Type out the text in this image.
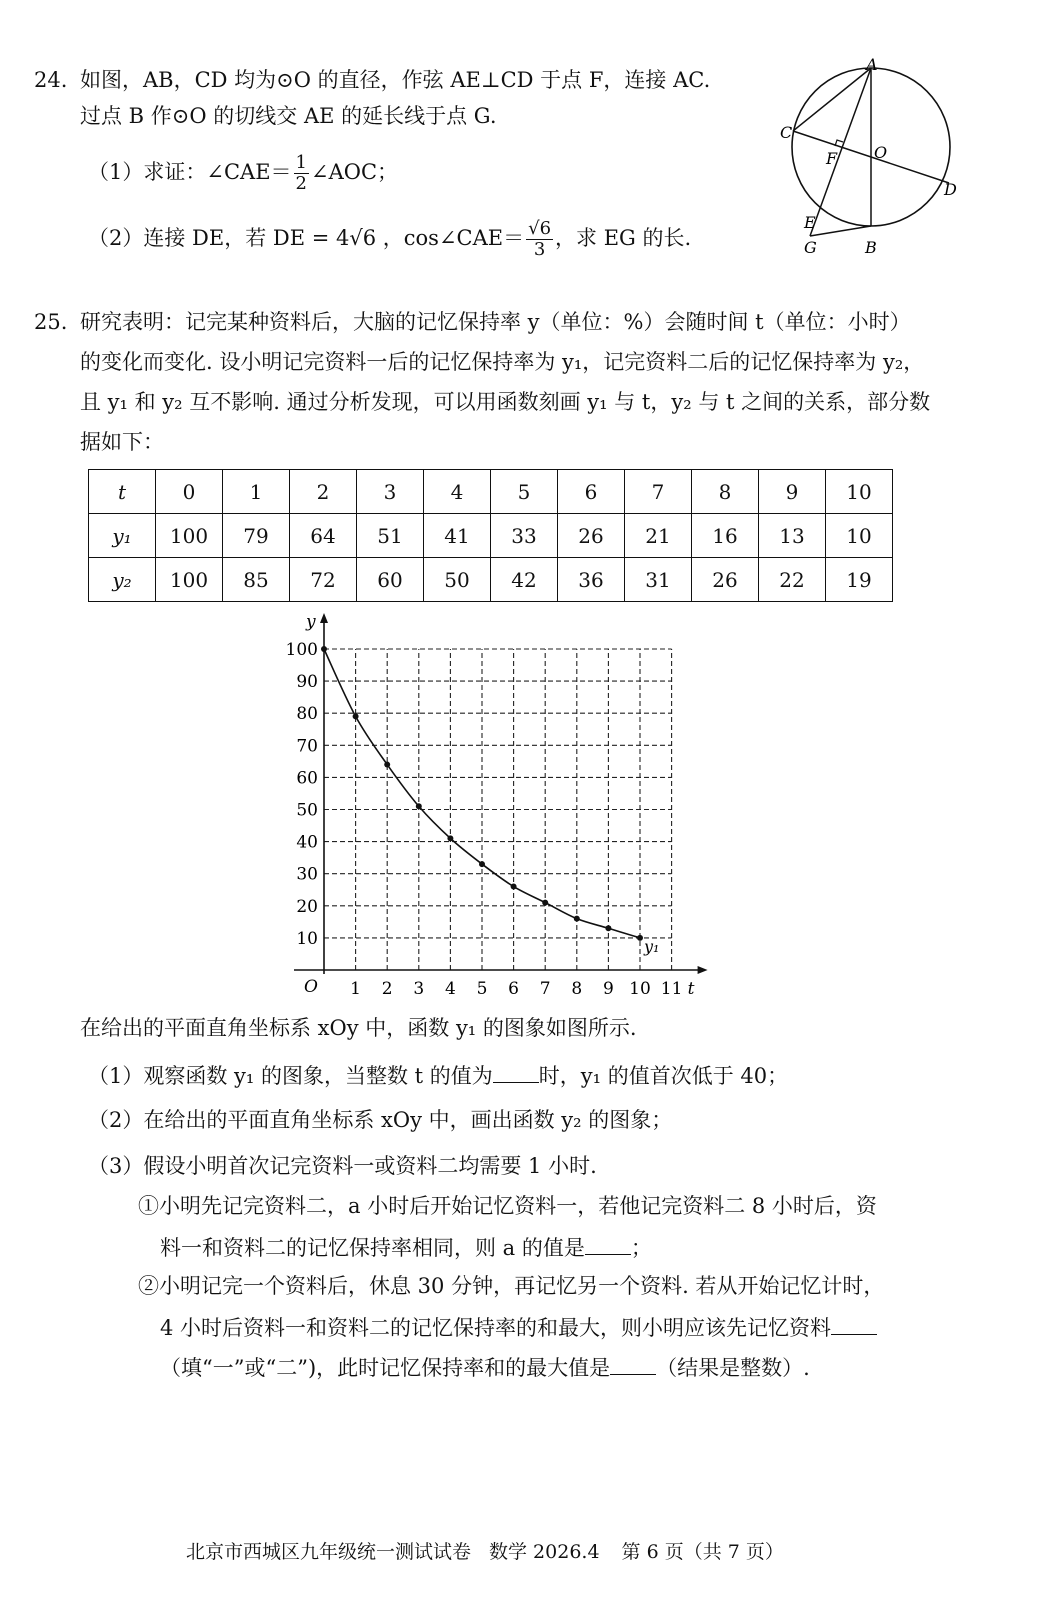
24. 如图，AB，CD 均为⊙O 的直径，作弦 AE⊥CD 于点 F，连接 AC.
过点 B 作⊙O 的切线交 AE 的延长线于点 G.
（1）求证：∠CAE＝ $\frac{1}{2}$ ∠AOC；
（2）连接 DE，若 DE = 4√6 ，cos∠CAE＝ $\frac{√6}{3}$ ，求 EG 的长.
A
C
F O
D
E
G	B
25. 研究表明：记完某种资料后，大脑的记忆保持率 y（单位：%）会随时间 t（单位：小时）
的变化而变化. 设小明记完资料一后的记忆保持率为 y₁，记完资料二后的记忆保持率为 y₂，
且 y₁ 和 y₂ 互不影响. 通过分析发现，可以用函数刻画 y₁ 与 t，y₂ 与 t 之间的关系，部分数
据如下：
t	0	1	2	3	4	5	6	7	8	9	10
y₁	100	79	64	51	41	33	26	21	16	13	10
y₂	100	85	72	60	50	42	36	31	26	22	19
1 2 3 4 5 6 7 8 9 10 11
10
20
30
40
50
60
70
80
90
100
y
t
O
y₁
在给出的平面直角坐标系 xOy 中，函数 y₁ 的图象如图所示.
（1）观察函数 y₁ 的图象，当整数 t 的值为 时，y₁ 的值首次低于 40；
（2）在给出的平面直角坐标系 xOy 中，画出函数 y₂ 的图象；
（3）假设小明首次记完资料一或资料二均需要 1 小时.
①小明先记完资料二，a 小时后开始记忆资料一，若他记完资料二 8 小时后，资
料一和资料二的记忆保持率相同，则 a 的值是 ；
②小明记完一个资料后，休息 30 分钟，再记忆另一个资料. 若从开始记忆计时，
4 小时后资料一和资料二的记忆保持率的和最大，则小明应该先记忆资料
（填“一”或“二”)，此时记忆保持率和的最大值是 （结果是整数）.
北京市西城区九年级统一测试试卷 数学 2026.4 第 6 页（共 7 页）
